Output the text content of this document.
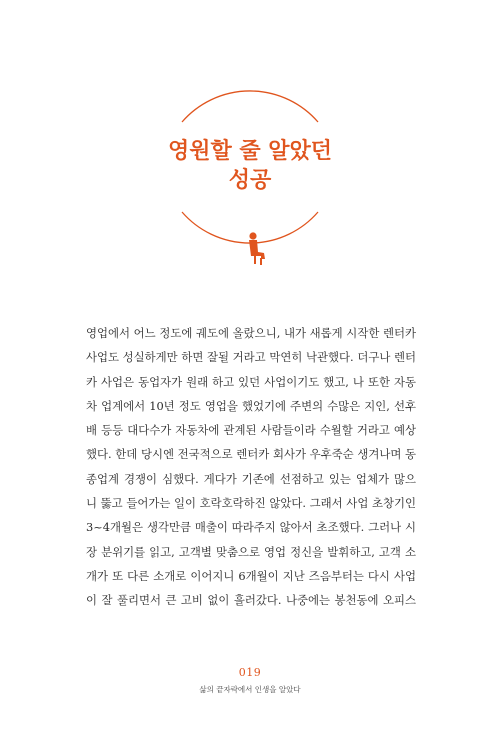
영원할 줄 알았던
성공
영업에서 어느 정도에 궤도에 올랐으니, 내가 새롭게 시작한 렌터카
사업도 성실하게만 하면 잘될 거라고 막연히 낙관했다. 더구나 렌터
카 사업은 동업자가 원래 하고 있던 사업이기도 했고, 나 또한 자동
차 업계에서 10년 정도 영업을 했었기에 주변의 수많은 지인, 선후
배 등등 대다수가 자동차에 관계된 사람들이라 수월할 거라고 예상
했다. 한데 당시엔 전국적으로 렌터카 회사가 우후죽순 생겨나며 동
종업계 경쟁이 심했다. 게다가 기존에 선점하고 있는 업체가 많으
니 뚫고 들어가는 일이 호락호락하진 않았다. 그래서 사업 초창기인
3~4개월은 생각만큼 매출이 따라주지 않아서 초조했다. 그러나 시
장 분위기를 읽고, 고객별 맞춤으로 영업 정신을 발휘하고, 고객 소
개가 또 다른 소개로 이어지니 6개월이 지난 즈음부터는 다시 사업
이 잘 풀리면서 큰 고비 없이 흘러갔다. 나중에는 봉천동에 오피스
019
삶의 끝자락에서 인생을 알았다
